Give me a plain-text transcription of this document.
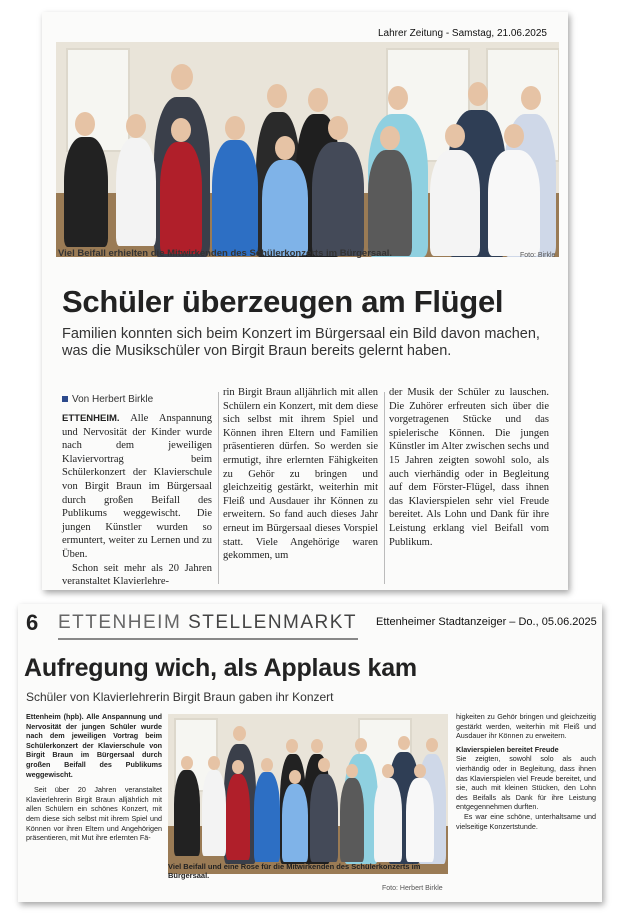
Lahrer Zeitung - Samstag, 21.06.2025
Viel Beifall erhielten die Mitwirkenden des Schülerkonzerts im Bürgersaal.	Foto: Birkle
Schüler überzeugen am Flügel
Familien konnten sich beim Konzert im Bürgersaal ein Bild davon machen, was die Musikschüler von Birgit Braun bereits gelernt haben.
Von Herbert Birkle

ETTENHEIM. Alle Anspannung und Nervosität der Kinder wurde nach dem jeweiligen Klaviervortrag beim Schülerkonzert der Klavierschule von Birgit Braun im Bürgersaal durch großen Beifall des Publikums weggewischt. Die jungen Künstler wurden so ermuntert, weiter zu Lernen und zu Üben.

Schon seit mehr als 20 Jahren veranstaltet Klavierlehre-

rin Birgit Braun alljährlich mit allen Schülern ein Konzert, mit dem diese sich selbst mit ihrem Spiel und Können ihren Eltern und Familien präsentieren dürfen. So werden sie ermutigt, ihre erlernten Fähigkeiten zu Gehör zu bringen und gleichzeitig gestärkt, weiterhin mit Fleiß und Ausdauer ihr Können zu erweitern. So fand auch dieses Jahr erneut im Bürgersaal dieses Vorspiel statt. Viele Angehörige waren gekommen, um

der Musik der Schüler zu lauschen. Die Zuhörer erfreuten sich über die vorgetragenen Stücke und das spielerische Können. Die jungen Künstler im Alter zwischen sechs und 15 Jahren zeigten sowohl solo, als auch vierhändig oder in Begleitung auf dem Förster-Flügel, dass ihnen das Klavierspielen sehr viel Freude bereitet. Als Lohn und Dank für ihre Leistung erklang viel Beifall vom Publikum.

6 ETTENHEIM STELLENMARKT Ettenheimer Stadtanzeiger – Do., 05.06.2025
Aufregung wich, als Applaus kam
Schüler von Klavierlehrerin Birgit Braun gaben ihr Konzert

Ettenheim (hpb). Alle Anspannung und Nervosität der jungen Schüler wurde nach dem jeweiligen Vortrag beim Schülerkonzert der Klavierschule von Birgit Braun im Bürgersaal durch großen Beifall des Publikums weggewischt.

Seit über 20 Jahren veranstaltet Klavierlehrerin Birgit Braun alljährlich mit allen Schülern ein schönes Konzert, mit dem diese sich selbst mit ihrem Spiel und Können vor ihren Eltern und Angehörigen präsentieren, mit Mut ihre erlernten Fä-

Viel Beifall und eine Rose für die Mitwirkenden des Schülerkonzerts im Bürgersaal.
Foto: Herbert Birkle

higkeiten zu Gehör bringen und gleichzeitig gestärkt werden, weiterhin mit Fleiß und Ausdauer ihr Können zu erweitern.

Klavierspielen bereitet Freude

Sie zeigten, sowohl solo als auch vierhändig oder in Begleitung, dass ihnen das Klavierspielen viel Freude bereitet, und sie, auch mit kleinen Stücken, den Lohn des Beifalls als Dank für ihre Leistung entgegennehmen durften.

Es war eine schöne, unterhaltsame und vielseitige Konzertstunde.
